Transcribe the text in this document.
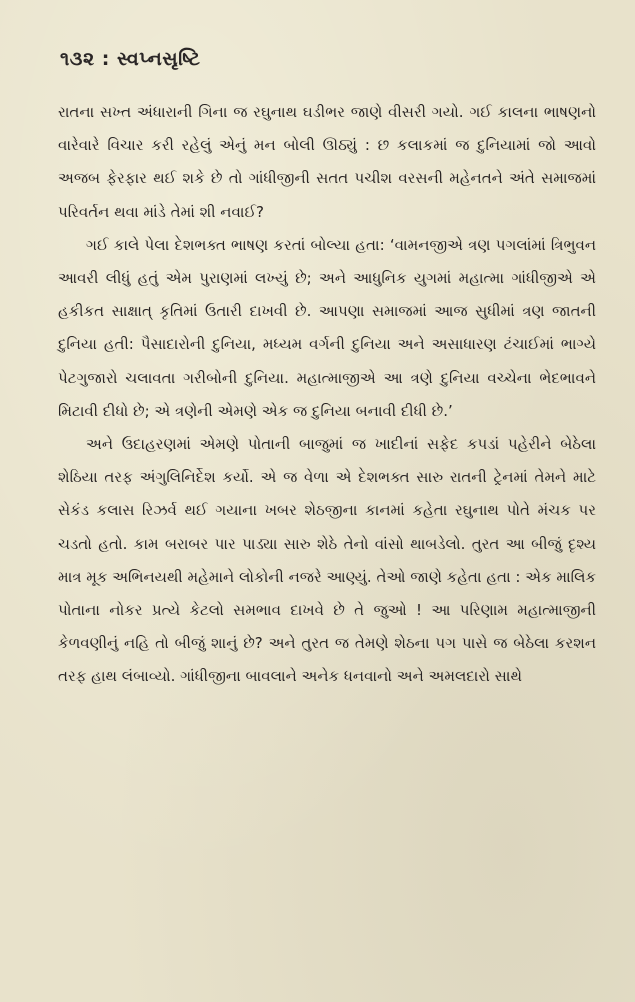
૧૩૨ : સ્વપ્નસૃષ્ટિ

રાતના સખ્ત અંધારાની ગિના જ રઘુનાથ ઘડીભર જાણે વીસરી ગયો. ગઈ કાલના ભાષણનો વારેવારે વિચાર કરી રહેલું એનું મન બોલી ઊઠ્યું : છ કલાકમાં જ દુનિયામાં જો આવો અજબ ફેરફાર થઈ શકે છે તો ગાંધીજીની સતત પચીશ વરસની મહેનતને અંતે સમાજમાં પરિવર્તન થવા માંડે તેમાં શી નવાઈ?

ગઈ કાલે પેલા દેશભક્ત ભાષણ કરતાં બોલ્યા હતા: ‘વામનજીએ ત્રણ પગલાંમાં ત્રિભુવન આવરી લીધું હતું એમ પુરાણમાં લખ્યું છે; અને આધુનિક યુગમાં મહાત્મા ગાંધીજીએ એ હકીકત સાક્ષાત્ કૃતિમાં ઉતારી દાખવી છે. આપણા સમાજમાં આજ સુધીમાં ત્રણ જાતની દુનિયા હતી: પૈસાદારોની દુનિયા, મધ્યમ વર્ગની દુનિયા અને અસાધારણ ટંચાઈમાં ભાગ્યે પેટગુજારો ચલાવતા ગરીબોની દુનિયા. મહાત્માજીએ આ ત્રણે દુનિયા વચ્ચેના ભેદભાવને મિટાવી દીધો છે; એ ત્રણેની એમણે એક જ દુનિયા બનાવી દીધી છે.’

અને ઉદાહરણમાં એમણે પોતાની બાજુમાં જ ખાદીનાં સફેદ કપડાં પહેરીને બેઠેલા શેઠિયા તરફ અંગુલિનિર્દેશ કર્યો. એ જ વેળા એ દેશભક્ત સારુ રાતની ટ્રેનમાં તેમને માટે સેકંડ કલાસ રિઝર્વ થઈ ગયાના ખબર શેઠજીના કાનમાં કહેતા રઘુનાથ પોતે મંચક પર ચડતો હતો. કામ બરાબર પાર પાડ્યા સારુ શેઠે તેનો વાંસો થાબડેલો. તુરત આ બીજું દૃશ્ય માત્ર મૂક અભિનયથી મહેમાને લોકોની નજરે આણ્યું. તેઓ જાણે કહેતા હતા : એક માલિક પોતાના નોકર પ્રત્યે કેટલો સમભાવ દાખવે છે તે જુઓ ! આ પરિણામ મહાત્માજીની કેળવણીનું નહિ તો બીજું શાનું છે? અને તુરત જ તેમણે શેઠના પગ પાસે જ બેઠેલા કરશન તરફ હાથ લંબાવ્યો. ગાંધીજીના બાવલાને અનેક ધનવાનો અને અમલદારો સાથે
